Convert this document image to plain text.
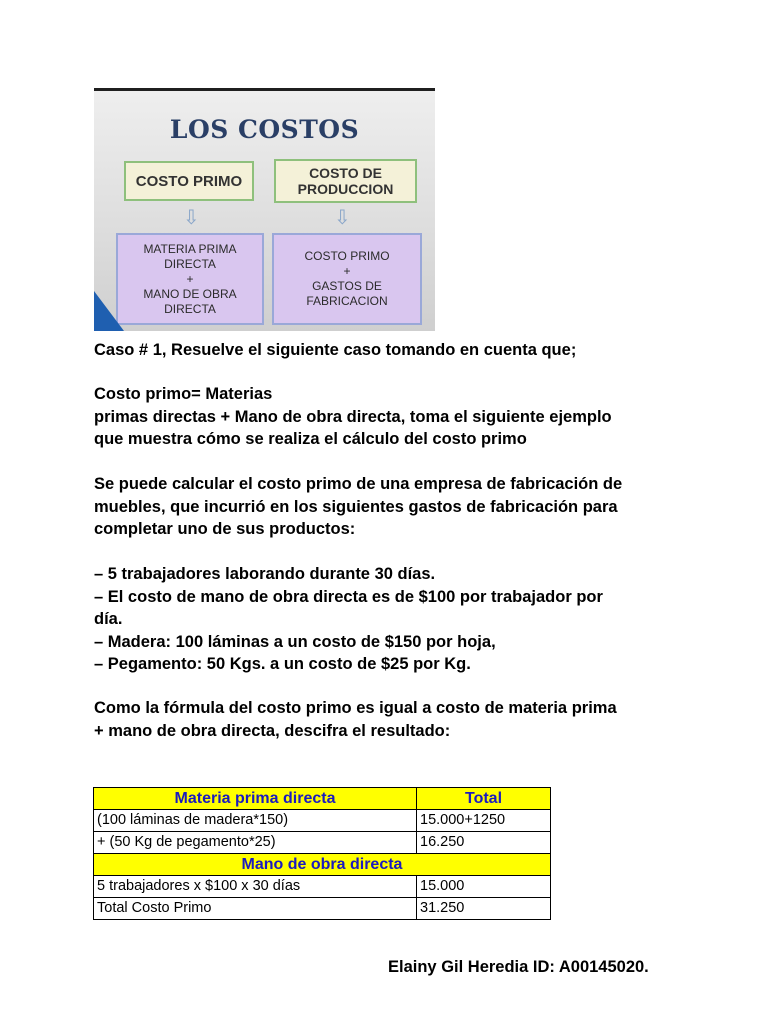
LOS COSTOS
COSTO PRIMO	COSTO DE
PRODUCCION
⇩	⇩
MATERIA PRIMA
DIRECTA
+
MANO DE OBRA
DIRECTA
COSTO PRIMO
+
GASTOS DE
FABRICACION

Caso # 1, Resuelve el siguiente caso tomando en cuenta que;

Costo primo= Materias
primas directas + Mano de obra directa, toma el siguiente ejemplo
que muestra cómo se realiza el cálculo del costo primo

Se puede calcular el costo primo de una empresa de fabricación de
muebles, que incurrió en los siguientes gastos de fabricación para
completar uno de sus productos:

– 5 trabajadores laborando durante 30 días.
– El costo de mano de obra directa es de $100 por trabajador por
día.
– Madera: 100 láminas a un costo de $150 por hoja,
– Pegamento: 50 Kgs. a un costo de $25 por Kg.

Como la fórmula del costo primo es igual a costo de materia prima
+ mano de obra directa, descifra el resultado:

Materia prima directa	Total
(100 láminas de madera*150)	15.000+1250
+ (50 Kg de pegamento*25)	16.250
Mano de obra directa	
5 trabajadores x $100 x 30 días	15.000
Total Costo Primo	31.250
Elainy Gil Heredia ID: A00145020.
